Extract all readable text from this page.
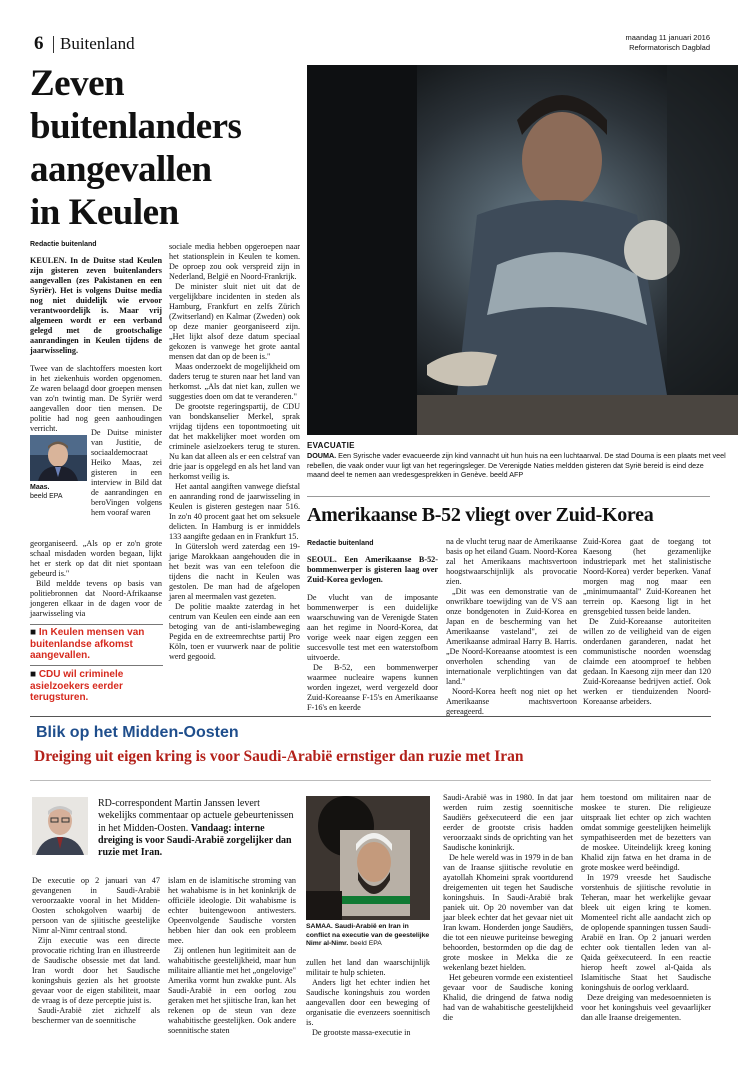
6 Buitenland	maandag 11 januari 2016
Reformatorisch Dagblad
Zeven
buitenlanders
aangevallen
in Keulen
Redactie buitenland

KEULEN. In de Duitse stad Keulen zijn gisteren zeven buitenlanders aangevallen (zes Pakistanen en een Syriër). Het is volgens Duitse media nog niet duidelijk wie ervoor verantwoordelijk is. Maar vrij algemeen wordt er een verband gelegd met de grootschalige aanrandingen in Keulen tijdens de jaarwisseling.

Twee van de slachtoffers moesten kort in het ziekenhuis worden opgenomen. Ze waren belaagd door groepen mensen van zo'n twintig man. De Syriër werd aangevallen door tien mensen. De politie had nog geen aanhoudingen verricht.

Maas.
beeld EPA
De Duitse minister van Justitie, de sociaaldemocraat Heiko Maas, zei gisteren in een interview in Bild dat de aanrandingen en beroVingen volgens hem vooraf waren

georganiseerd. „Als op er zo'n grote schaal misdaden worden begaan, lijkt het er sterk op dat dit niet spontaan gebeurd is."

Bild meldde tevens op basis van politiebronnen dat Noord-Afrikaanse jongeren elkaar in de dagen voor de jaarwisseling via

■ In Keulen mensen van buitenlandse afkomst aangevallen.
■ CDU wil criminele asielzoekers eerder terugsturen.

sociale media hebben opgeroepen naar het stationsplein in Keulen te komen. De oproep zou ook verspreid zijn in Nederland, België en Noord-Frankrijk.

De minister sluit niet uit dat de vergelijkbare incidenten in steden als Hamburg, Frankfurt en zelfs Zürich (Zwitserland) en Kalmar (Zweden) ook op deze manier georganiseerd zijn. „Het lijkt alsof deze datum speciaal gekozen is vanwege het grote aantal mensen dat dan op de been is."

Maas onderzoekt de mogelijkheid om daders terug te sturen naar het land van herkomst. „Als dat niet kan, zullen we suggesties doen om dat te veranderen."

De grootste regeringspartij, de CDU van bondskanselier Merkel, sprak vrijdag tijdens een topontmoeting uit dat het makkelijker moet worden om criminele asielzoekers terug te sturen. Nu kan dat alleen als er een celstraf van drie jaar is opgelegd en als het land van herkomst veilig is.

Het aantal aangiften vanwege diefstal en aanranding rond de jaarwisseling in Keulen is gisteren gestegen naar 516. In zo'n 40 procent gaat het om seksuele delicten. In Hamburg is er inmiddels 133 aangifte gedaan en in Frankfurt 15.

In Gütersloh werd zaterdag een 19-jarige Marokkaan aangehouden die in het bezit was van een telefoon die tijdens die nacht in Keulen was gestolen. De man had de afgelopen jaren al meermalen vast gezeten.

De politie maakte zaterdag in het centrum van Keulen een einde aan een betoging van de anti-islambeweging Pegida en de extreemrechtse partij Pro Köln, toen er vuurwerk naar de politie werd gegooid.

EVACUATIE
DOUMA. Een Syrische vader evacueerde zijn kind vannacht uit hun huis na een luchtaanval. De stad Douma is een plaats met veel rebellen, die vaak onder vuur ligt van het regeringsleger. De Verenigde Naties meldden gisteren dat Syrië bereid is eind deze maand deel te nemen aan vredesgesprekken in Genève. beeld AFP
Amerikaanse B-52 vliegt over Zuid-Korea
Redactie buitenland

SEOUL. Een Amerikaanse B-52-bommenwerper is gisteren laag over Zuid-Korea gevlogen.

De vlucht van de imposante bommenwerper is een duidelijke waarschuwing van de Verenigde Staten aan het regime in Noord-Korea, dat vorige week naar eigen zeggen een succesvolle test met een waterstofbom uitvoerde.

De B-52, een bommenwerper waarmee nucleaire wapens kunnen worden ingezet, werd vergezeld door Zuid-Koreaanse F-15's en Amerikaanse F-16's en keerde

na de vlucht terug naar de Amerikaanse basis op het eiland Guam. Noord-Korea zal het Amerikaans machtsvertoon hoogstwaarschijnlijk als provocatie zien.

„Dit was een demonstratie van de onwrikbare toewijding van de VS aan onze bondgenoten in Zuid-Korea en Japan en de bescherming van het Amerikaanse vasteland", zei de Amerikaanse admiraal Harry B. Harris. „De Noord-Koreaanse atoomtest is een onverholen schending van de internationale verplichtingen van dat land."

Noord-Korea heeft nog niet op het Amerikaanse machtsvertoon gereageerd.

Zuid-Korea gaat de toegang tot Kaesong (het gezamenlijke industriepark met het stalinistische Noord-Korea) verder beperken. Vanaf morgen mag nog maar een „minimumaantal" Zuid-Koreanen het terrein op. Kaesong ligt in het grensgebied tussen beide landen.

De Zuid-Koreaanse autoriteiten willen zo de veiligheid van de eigen onderdanen garanderen, nadat het communistische noorden woensdag claimde een atoomproef te hebben gedaan. In Kaesong zijn meer dan 120 Zuid-Koreaanse bedrijven actief. Ook werken er tienduizenden Noord-Koreaanse arbeiders.

Blik op het Midden-Oosten
Dreiging uit eigen kring is voor Saudi-Arabië ernstiger dan ruzie met Iran
RD-correspondent Martin Janssen levert wekelijks commentaar op actuele gebeurtenissen in het Midden-Oosten. Vandaag: interne dreiging is voor Saudi-Arabië zorgelijker dan ruzie met Iran.

De executie op 2 januari van 47 gevangenen in Saudi-Arabië veroorzaakte vooral in het Midden-Oosten schokgolven waarbij de persoon van de sjiitische geestelijke Nimr al-Nimr centraal stond.

Zijn executie was een directe provocatie richting Iran en illustreerde de Saudische obsessie met dat land. Iran wordt door het Saudische koningshuis gezien als het grootste gevaar voor de eigen stabiliteit, maar de vraag is of deze perceptie juist is.

Saudi-Arabië ziet zichzelf als beschermer van de soennitische

islam en de islamitische stroming van het wahabisme is in het koninkrijk de officiële ideologie. Dit wahabisme is echter buitengewoon antiwesters. Opeenvolgende Saudische vorsten hebben hier dan ook een probleem mee.

Zij ontlenen hun legitimiteit aan de wahabitische geestelijkheid, maar hun militaire alliantie met het „ongelovige" Amerika vormt hun zwakke punt. Als Saudi-Arabië in een oorlog zou geraken met het sjiitische Iran, kan het rekenen op de steun van deze wahabitische geestelijken. Ook andere soennitische staten

SAMAA. Saudi-Arabië en Iran in conflict na executie van de geestelijke Nimr al-Nimr. beeld EPA

zullen het land dan waarschijnlijk militair te hulp schieten.

Anders ligt het echter indien het Saudische koningshuis zou worden aangevallen door een beweging of organisatie die evenzeers soennitisch is.

De grootste massa-executie in

Saudi-Arabië was in 1980. In dat jaar werden ruim zestig soennitische Saudiërs geëxecuteerd die een jaar eerder de grootste crisis hadden veroorzaakt sinds de oprichting van het Saudische koninkrijk.

De hele wereld was in 1979 in de ban van de Iraanse sjiitische revolutie en ayatollah Khomeini sprak voortdurend dreigementen uit tegen het Saudische koningshuis. In Saudi-Arabië brak paniek uit. Op 20 november van dat jaar bleek echter dat het gevaar niet uit Iran kwam. Honderden jonge Saudiërs, die tot een nieuwe puriteinse beweging behoorden, bestormden op die dag de grote moskee in Mekka die ze wekenlang bezet hielden.

Het gebeuren vormde een existentieel gevaar voor de Saudische koning Khalid, die dringend de fatwa nodig had van de wahabitische geestelijkheid die

hem toestond om militairen naar de moskee te sturen. Die religieuze uitspraak liet echter op zich wachten omdat sommige geestelijken heimelijk sympathiseerden met de bezetters van de moskee. Uiteindelijk kreeg koning Khalid zijn fatwa en het drama in de grote moskee werd beëindigd.

In 1979 vreesde het Saudische vorstenhuis de sjiitische revolutie in Teheran, maar het werkelijke gevaar bleek uit eigen kring te komen. Momenteel richt alle aandacht zich op de oplopende spanningen tussen Saudi-Arabië en Iran. Op 2 januari werden echter ook tientallen leden van al-Qaida geëxecuteerd. In een reactie hierop heeft zowel al-Qaida als Islamitische Staat het Saudische koningshuis de oorlog verklaard.

Deze dreiging van medesoennieten is voor het koningshuis veel gevaarlijker dan alle Iraanse dreigementen.
